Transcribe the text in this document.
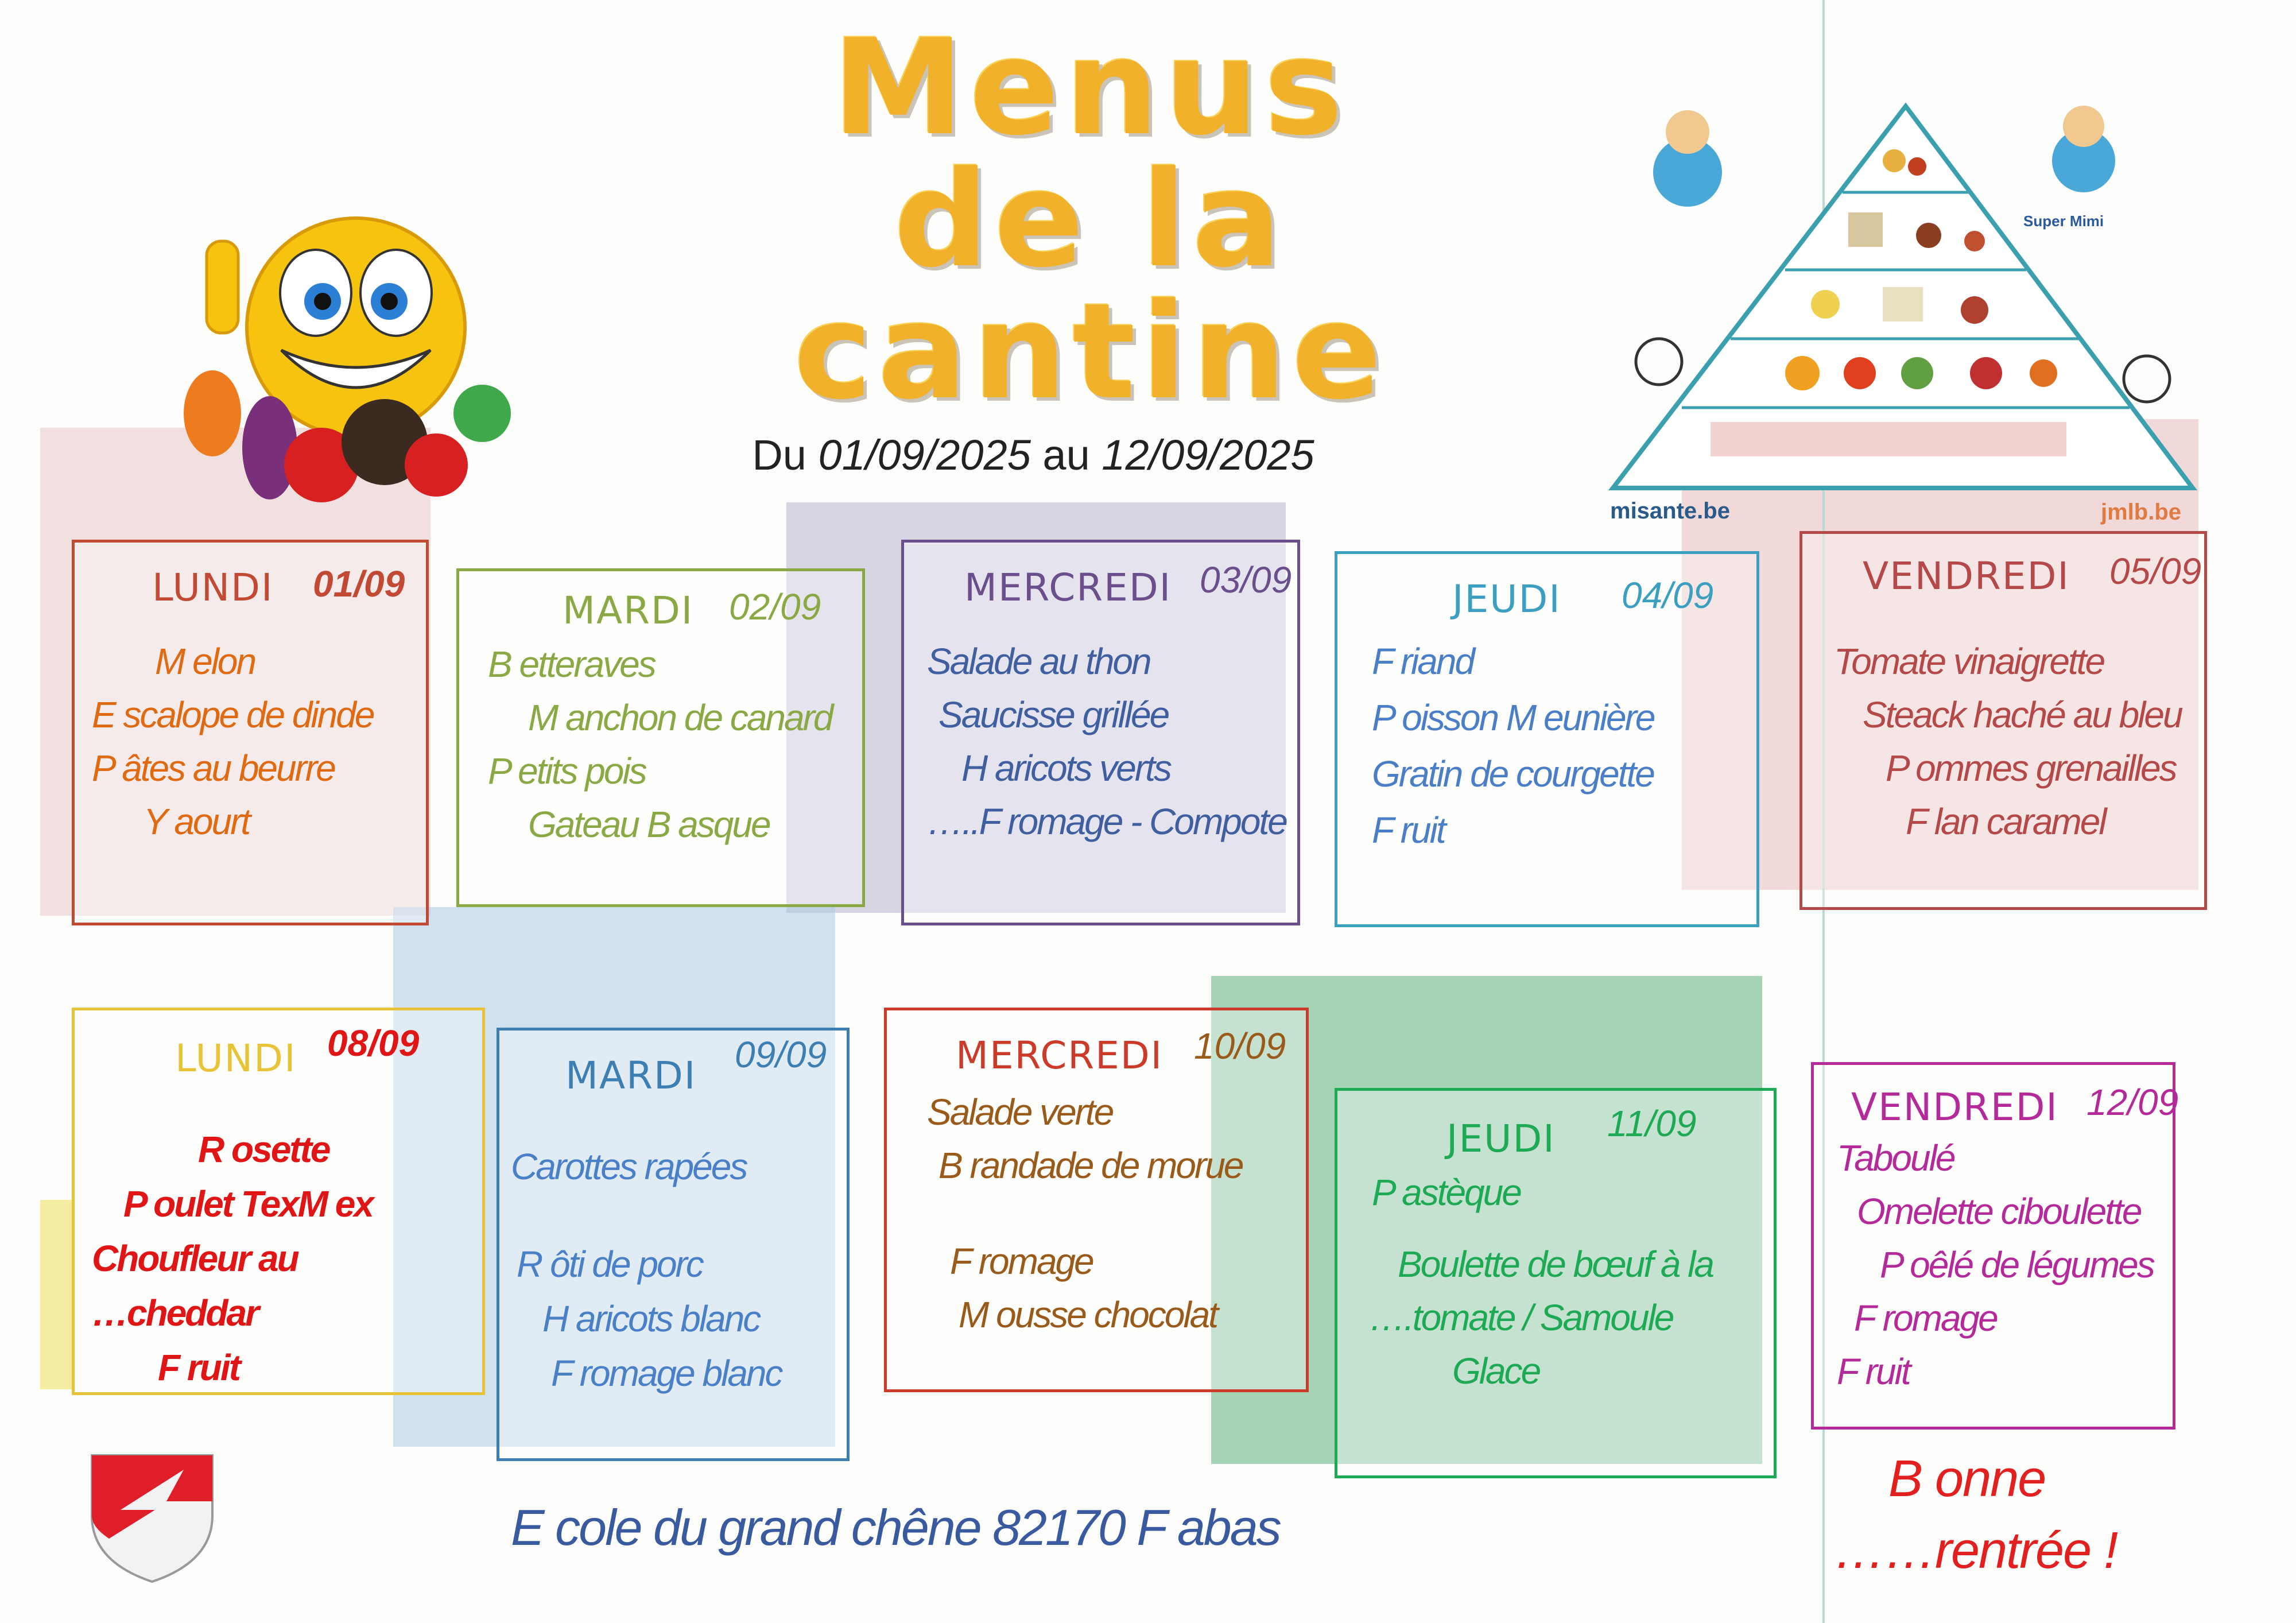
Menus
de la
cantine
Du 01/09/2025 au 12/09/2025
Super Mimi
misante.be	jmlb.be
LUNDI 01/09
M elon
E scalope de dinde
P âtes au beurre
Y aourt
MARDI 02/09
B etteraves
M anchon de canard
P etits pois
Gateau B asque
MERCREDI 03/09
Salade au thon
Saucisse grillée
H aricots verts
…..F romage - Compote
JEUDI 04/09
F riand
P oisson M eunière
Gratin de courgette
F ruit
VENDREDI 05/09
Tomate vinaigrette
Steack haché au bleu
P ommes grenailles
F lan caramel
LUNDI 08/09
R osette
P oulet TexM ex
Choufleur au
…cheddar
F ruit
MARDI 09/09
Carottes rapées
R ôti de porc
H aricots blanc
F romage blanc
MERCREDI 10/09
Salade verte
B randade de morue
F romage
M ousse chocolat
JEUDI 11/09
P astèque
Boulette de bœuf à la
….tomate / Samoule
Glace
VENDREDI 12/09
Taboulé
Omelette ciboulette
P oêlé de légumes
F romage
F ruit
E cole du grand chêne 82170 F abas
B onne
……rentrée !
